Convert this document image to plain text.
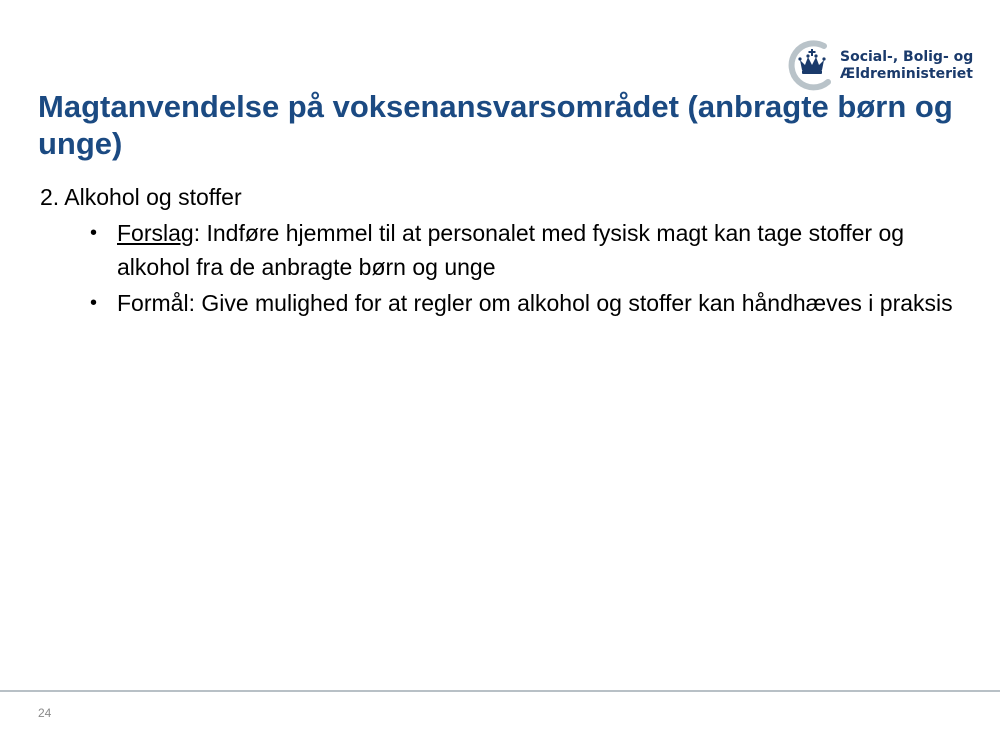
Social-, Bolig- og
Ældreministeriet
Magtanvendelse på voksenansvarsområdet (anbragte børn og unge)

2. Alkohol og stoffer

• Forslag: Indføre hjemmel til at personalet med fysisk magt kan tage stoffer og alkohol fra de anbragte børn og unge
• Formål: Give mulighed for at regler om alkohol og stoffer kan håndhæves i praksis
24
